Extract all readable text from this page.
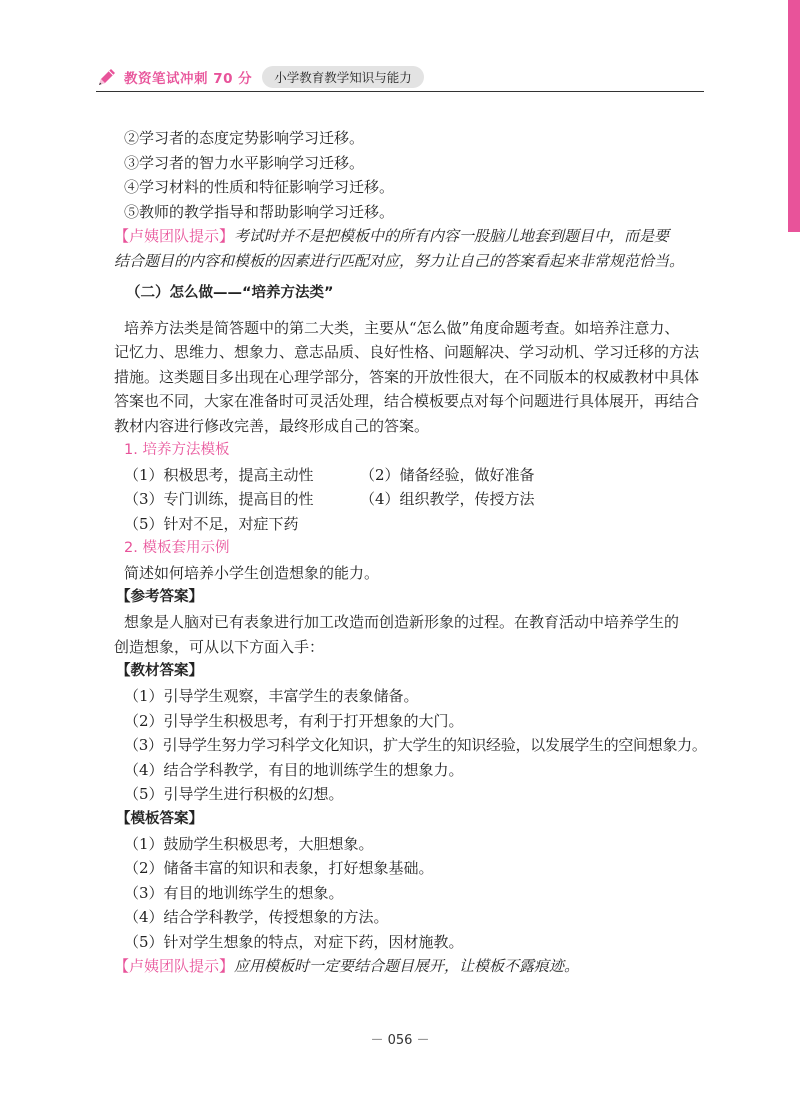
教资笔试冲刺 70 分	小学教育教学知识与能力
②学习者的态度定势影响学习迁移。
③学习者的智力水平影响学习迁移。
④学习材料的性质和特征影响学习迁移。
⑤教师的教学指导和帮助影响学习迁移。
【卢姨团队提示】考试时并不是把模板中的所有内容一股脑儿地套到题目中，而是要
结合题目的内容和模板的因素进行匹配对应，努力让自己的答案看起来非常规范恰当。
（二）怎么做——“培养方法类”
培养方法类是简答题中的第二大类，主要从“怎么做”角度命题考查。如培养注意力、
记忆力、思维力、想象力、意志品质、良好性格、问题解决、学习动机、学习迁移的方法
措施。这类题目多出现在心理学部分，答案的开放性很大，在不同版本的权威教材中具体
答案也不同，大家在准备时可灵活处理，结合模板要点对每个问题进行具体展开，再结合
教材内容进行修改完善，最终形成自己的答案。
1. 培养方法模板
（1）积极思考，提高主动性	（2）储备经验，做好准备
（3）专门训练，提高目的性	（4）组织教学，传授方法
（5）针对不足，对症下药
2. 模板套用示例
简述如何培养小学生创造想象的能力。
【参考答案】
想象是人脑对已有表象进行加工改造而创造新形象的过程。在教育活动中培养学生的
创造想象，可从以下方面入手：
【教材答案】
（1）引导学生观察，丰富学生的表象储备。
（2）引导学生积极思考，有利于打开想象的大门。
（3）引导学生努力学习科学文化知识，扩大学生的知识经验，以发展学生的空间想象力。
（4）结合学科教学，有目的地训练学生的想象力。
（5）引导学生进行积极的幻想。
【模板答案】
（1）鼓励学生积极思考，大胆想象。
（2）储备丰富的知识和表象，打好想象基础。
（3）有目的地训练学生的想象。
（4）结合学科教学，传授想象的方法。
（5）针对学生想象的特点，对症下药，因材施教。
【卢姨团队提示】应用模板时一定要结合题目展开，让模板不露痕迹。
－ 056 －
